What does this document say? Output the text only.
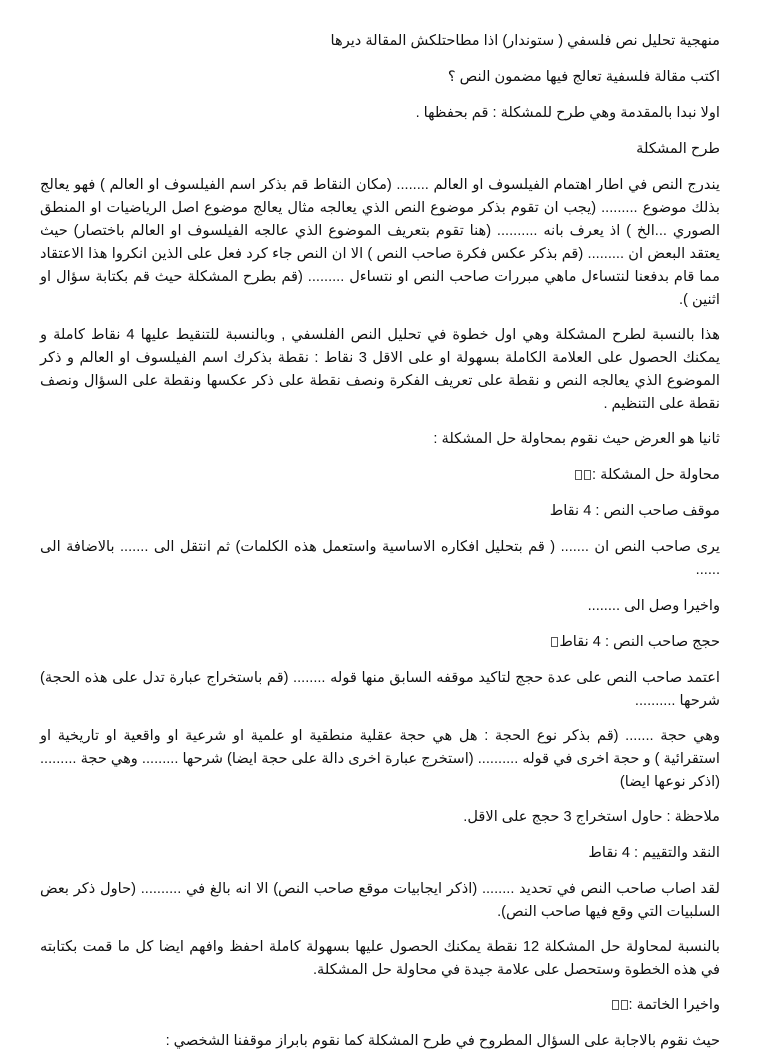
منهجية تحليل نص فلسفي ( ستوندار) اذا مطاحتلكش المقالة ديرها

اكتب مقالة فلسفية تعالج فيها مضمون النص ؟

اولا نبدا بالمقدمة وهي طرح للمشكلة : قم بحفظها .

طرح المشكلة

يندرج النص في اطار اهتمام الفيلسوف او العالم ........ (مكان النقاط قم بذكر اسم الفيلسوف او العالم ) فهو يعالج بذلك موضوع ......... (يجب ان تقوم بذكر موضوع النص الذي يعالجه مثال يعالج موضوع اصل الرياضيات او المنطق الصوري ...الخ ) اذ يعرف بانه .......... (هنا تقوم بتعريف الموضوع الذي عالجه الفيلسوف او العالم باختصار) حيث يعتقد البعض ان ......... (قم بذكر عكس فكرة صاحب النص ) الا ان النص جاء كرد فعل على الذين انكروا هذا الاعتقاد مما قام بدفعنا لنتساءل ماهي مبررات صاحب النص او نتساءل ......... (قم بطرح المشكلة حيث قم بكتابة سؤال او اثنين ).

هذا بالنسبة لطرح المشكلة وهي اول خطوة في تحليل النص الفلسفي , وبالنسبة للتنقيط عليها 4 نقاط كاملة و يمكنك الحصول على العلامة الكاملة بسهولة او على الاقل 3 نقاط : نقطة بذكرك اسم الفيلسوف او العالم و ذكر الموضوع الذي يعالجه النص و نقطة على تعريف الفكرة ونصف نقطة على ذكر عكسها ونقطة على السؤال ونصف نقطة على التنظيم .

ثانيا هو العرض حيث نقوم بمحاولة حل المشكلة :

محاولة حل المشكلة :

موقف صاحب النص : 4 نقاط

يرى صاحب النص ان ....... ( قم بتحليل افكاره الاساسية واستعمل هذه الكلمات) ثم انتقل الى ....... بالاضافة الى ......

واخيرا وصل الى ........

حجج صاحب النص : 4 نقاط

اعتمد صاحب النص على عدة حجج لتاكيد موقفه السابق منها قوله ........ (قم باستخراج عبارة تدل على هذه الحجة) شرحها ..........

وهي حجة ....... (قم بذكر نوع الحجة : هل هي حجة عقلية منطقية او علمية او شرعية او واقعية او تاريخية او استقرائية ) و حجة اخرى في قوله .......... (استخرج عبارة اخرى دالة على حجة ايضا) شرحها ......... وهي حجة ......... (اذكر نوعها ايضا)

ملاحظة : حاول استخراج 3 حجج على الاقل.

النقد والتقييم : 4 نقاط

لقد اصاب صاحب النص في تحديد ........ (اذكر ايجابيات موقع صاحب النص) الا انه بالغ في .......... (حاول ذكر بعض السلبيات التي وقع فيها صاحب النص).

بالنسبة لمحاولة حل المشكلة 12 نقطة يمكنك الحصول عليها بسهولة كاملة احفظ وافهم ايضا كل ما قمت بكتابته في هذه الخطوة وستحصل على علامة جيدة في محاولة حل المشكلة.

واخيرا الخاتمة :

حيث نقوم بالاجابة على السؤال المطروح في طرح المشكلة كما نقوم بابراز موقفنا الشخصي :
